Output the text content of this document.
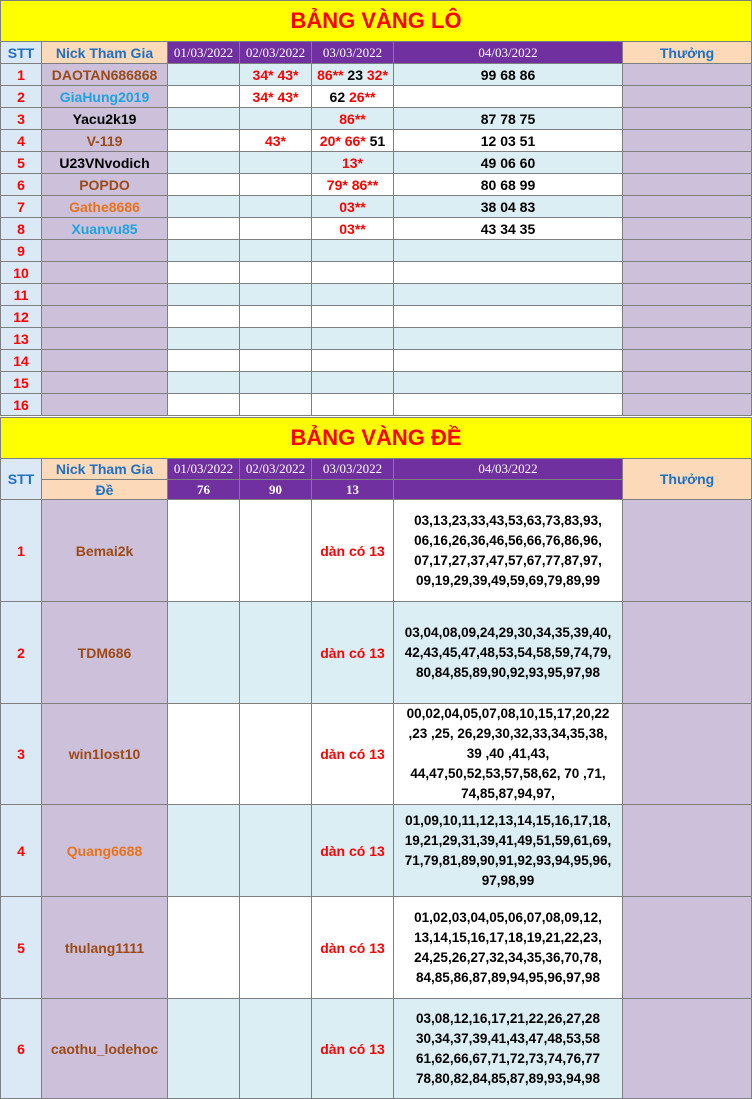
BẢNG VÀNG LÔ						
STT	Nick Tham Gia	01/03/2022	02/03/2022	03/03/2022	04/03/2022	Thưởng
1	DAOTAN686868		34* 43*	86** 23 32*	99 68 86	
2	GiaHung2019		34* 43*	62 26**		
3	Yacu2k19			86**	87 78 75	
4	V-119		43*	20* 66* 51	12 03 51	
5	U23VNvodich			13*	49 06 60	
6	POPDO			79* 86**	80 68 99	
7	Gathe8686			03**	38 04 83	
8	Xuanvu85			03**	43 34 35	
9						
10						
11						
12						
13						
14						
15						
16						
BẢNG VÀNG ĐỀ						
STT	Nick Tham Gia	01/03/2022	02/03/2022	03/03/2022	04/03/2022	Thưởng
	Đề	76	90	13		
1	Bemai2k			dàn có 13	03,13,23,33,43,53,63,73,83,93,
06,16,26,36,46,56,66,76,86,96,
07,17,27,37,47,57,67,77,87,97,
09,19,29,39,49,59,69,79,89,99	
2	TDM686			dàn có 13	03,04,08,09,24,29,30,34,35,39,40,
42,43,45,47,48,53,54,58,59,74,79,
80,84,85,89,90,92,93,95,97,98	
3	win1lost10			dàn có 13	00,02,04,05,07,08,10,15,17,20,22
,23 ,25, 26,29,30,32,33,34,35,38,
39 ,40 ,41,43,
44,47,50,52,53,57,58,62, 70 ,71,
74,85,87,94,97,	
4	Quang6688			dàn có 13	01,09,10,11,12,13,14,15,16,17,18,
19,21,29,31,39,41,49,51,59,61,69,
71,79,81,89,90,91,92,93,94,95,96,
97,98,99	
5	thulang1111			dàn có 13	01,02,03,04,05,06,07,08,09,12,
13,14,15,16,17,18,19,21,22,23,
24,25,26,27,32,34,35,36,70,78,
84,85,86,87,89,94,95,96,97,98	
6	caothu_lodehoc			dàn có 13	03,08,12,16,17,21,22,26,27,28
30,34,37,39,41,43,47,48,53,58
61,62,66,67,71,72,73,74,76,77
78,80,82,84,85,87,89,93,94,98	
